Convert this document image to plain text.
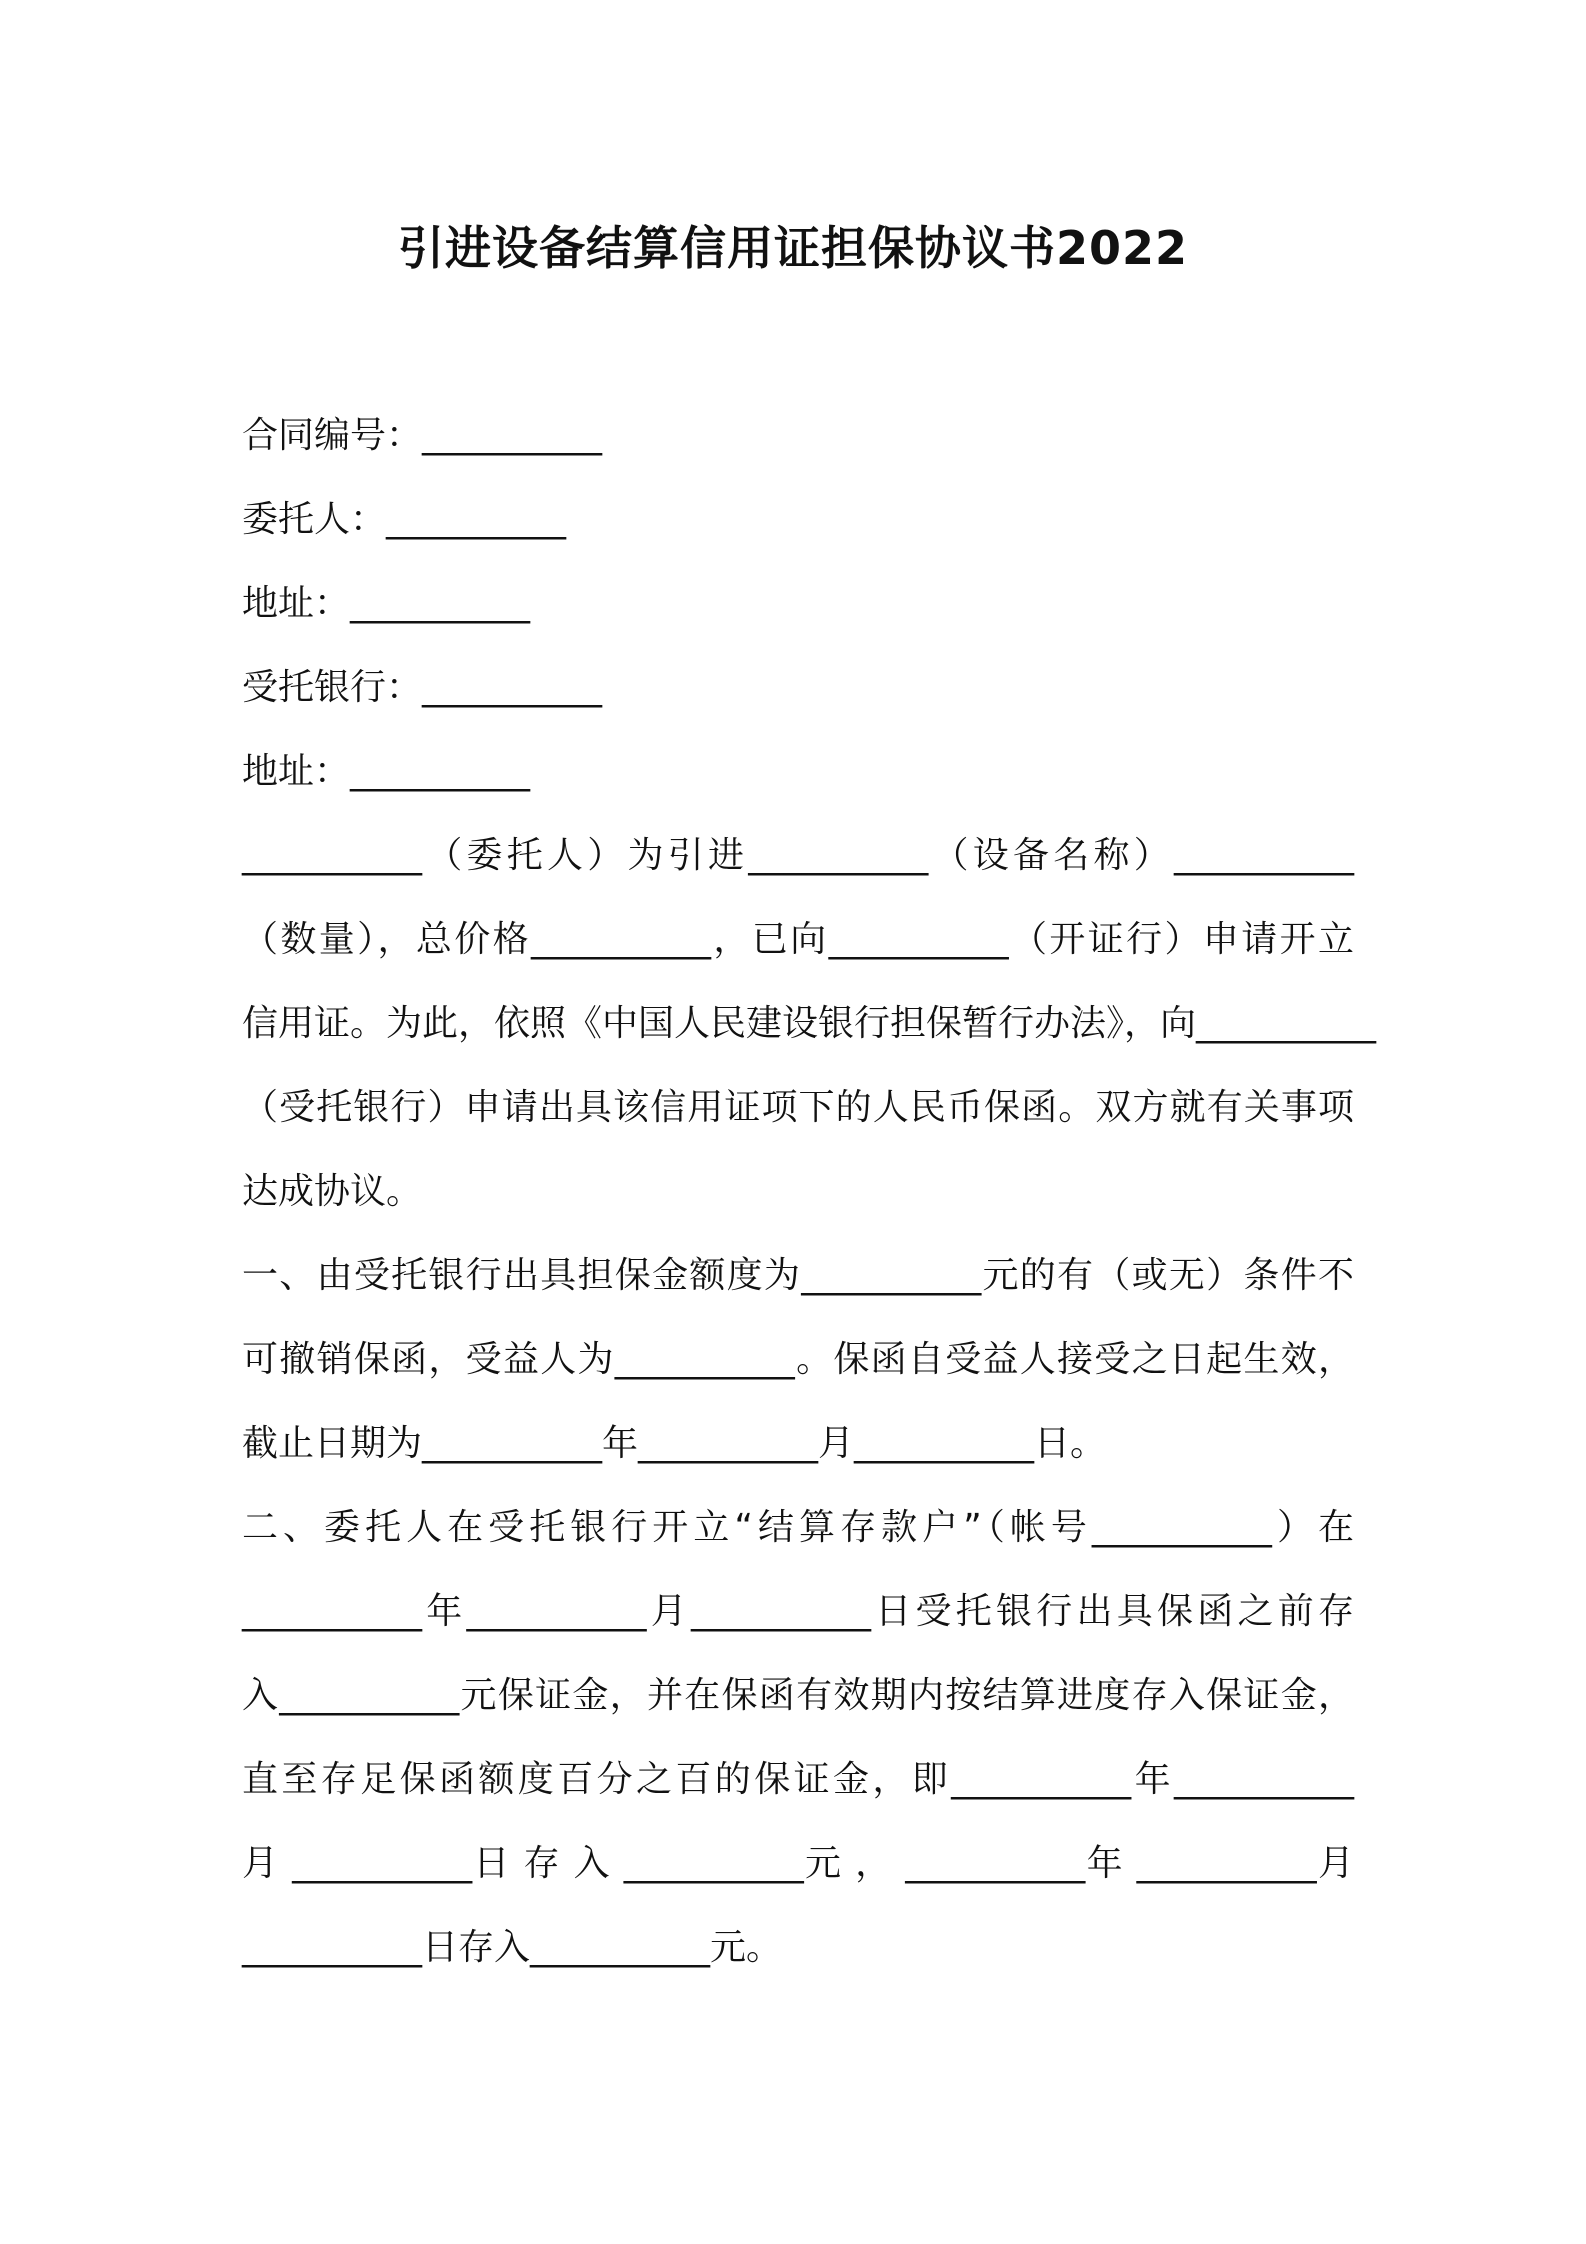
引进设备结算信用证担保协议书2022
合同编号：__________
委托人：__________
地址：__________
受托银行：__________
地址：__________
__________（委托人）为引进__________（设备名称）__________
（数量），总价格__________，已向__________（开证行）申请开立
信用证。为此，依照《中国人民建设银行担保暂行办法》，向__________
（受托银行）申请出具该信用证项下的人民币保函。双方就有关事项
达成协议。
一、由受托银行出具担保金额度为__________元的有（或无）条件不
可撤销保函，受益人为__________。保函自受益人接受之日起生效，
截止日期为__________年__________月__________日。
二、委托人在受托银行开立“结算存款户”（帐号__________）在
__________年__________月__________日受托银行出具保函之前存
入__________元保证金，并在保函有效期内按结算进度存入保证金，
直至存足保函额度百分之百的保证金，即__________年__________
月 __________日 存 入 __________元 ， __________年 __________月
__________日存入__________元。
